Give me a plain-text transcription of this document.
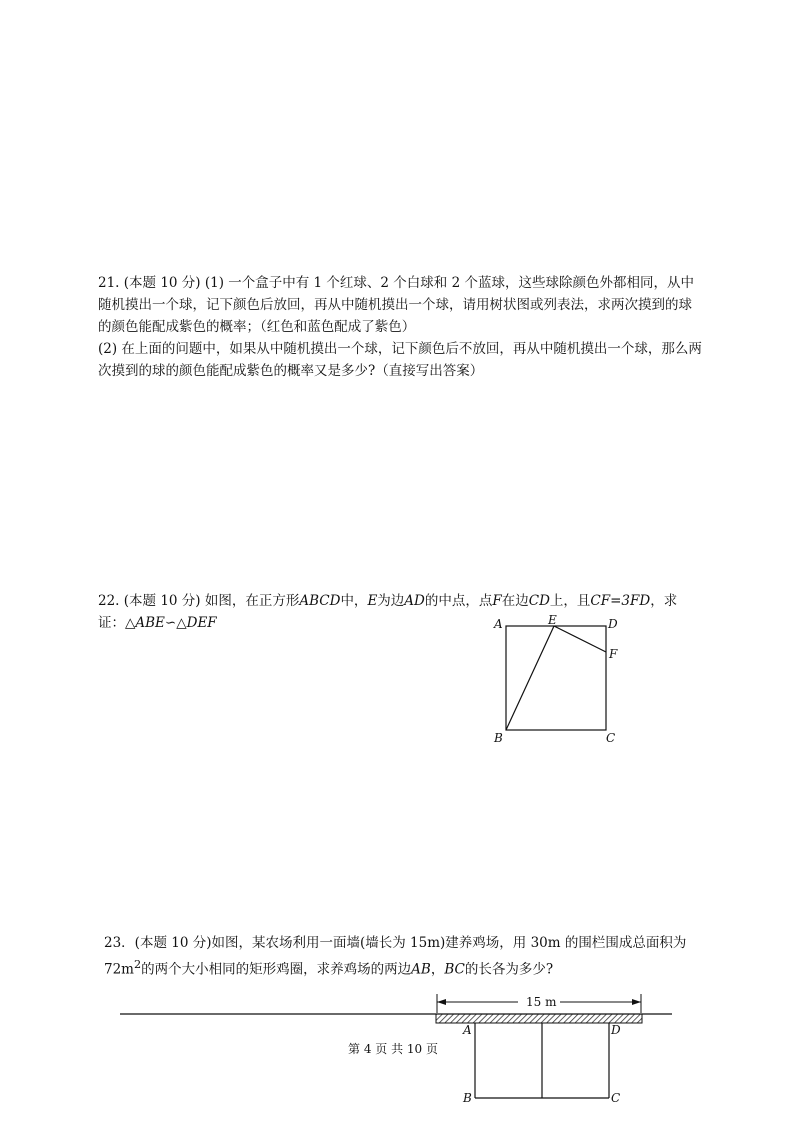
21. (本题 10 分) (1) 一个盒子中有 1 个红球、2 个白球和 2 个蓝球，这些球除颜色外都相同，从中随机摸出一个球，记下颜色后放回，再从中随机摸出一个球，请用树状图或列表法，求两次摸到的球的颜色能配成紫色的概率；（红色和蓝色配成了紫色）
(2) 在上面的问题中，如果从中随机摸出一个球，记下颜色后不放回，再从中随机摸出一个球，那么两次摸到的球的颜色能配成紫色的概率又是多少?（直接写出答案）
22. (本题 10 分) 如图，在正方形ABCD中，E为边AD的中点，点F在边CD上，且CF=3FD，求证：△ABE∽△DEF	A	E	D
F
B	C
23．(本题 10 分)如图，某农场利用一面墙(墙长为 15m)建养鸡场，用 30m 的围栏围成总面积为 $72m^2$的两个大小相同的矩形鸡圈，求养鸡场的两边AB，BC的长各为多少?
15 m
A	D
B	C
第 4 页 共 10 页
